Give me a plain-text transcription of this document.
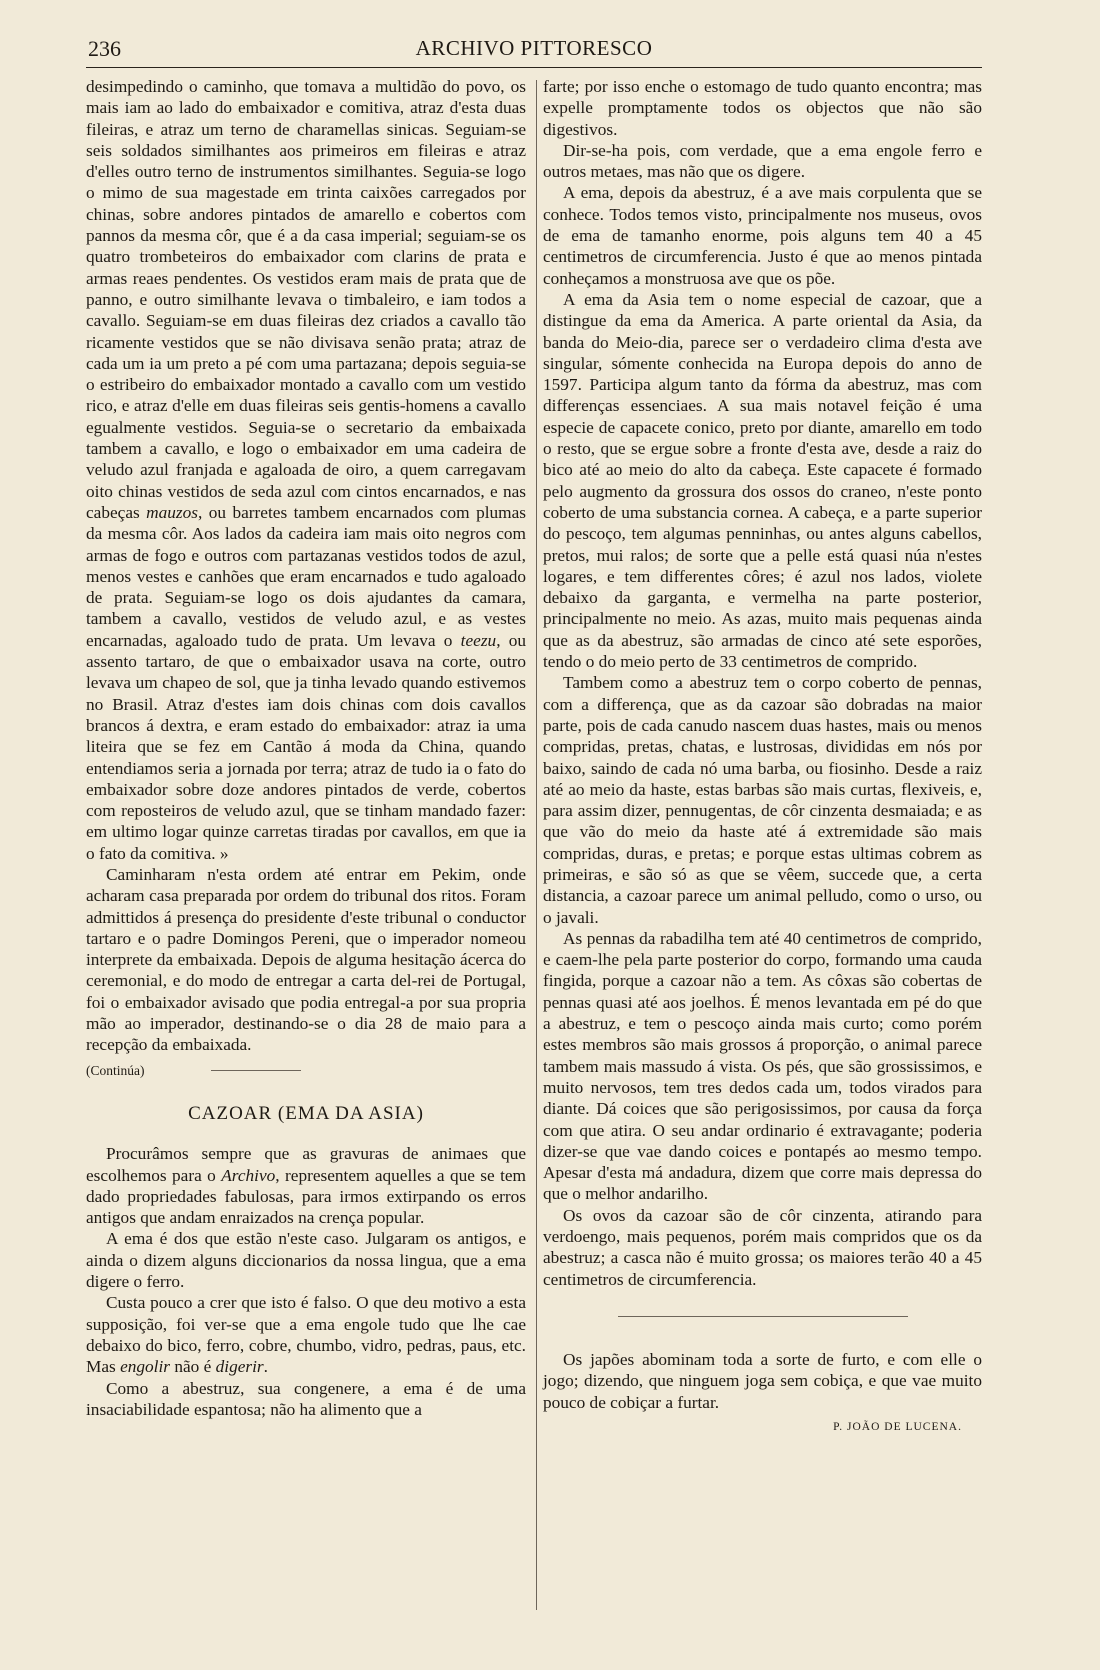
236	ARCHIVO PITTORESCO

desimpedindo o caminho, que tomava a multidão do povo, os mais iam ao lado do embaixador e comitiva, atraz d'esta duas fileiras, e atraz um terno de charamellas sinicas. Seguiam-se seis soldados similhantes aos primeiros em fileiras e atraz d'elles outro terno de instrumentos similhantes. Seguia-se logo o mimo de sua magestade em trinta caixões carregados por chinas, sobre andores pintados de amarello e cobertos com pannos da mesma côr, que é a da casa imperial; seguiam-se os quatro trombeteiros do embaixador com clarins de prata e armas reaes pendentes. Os vestidos eram mais de prata que de panno, e outro similhante levava o timbaleiro, e iam todos a cavallo. Seguiam-se em duas fileiras dez criados a cavallo tão ricamente vestidos que se não divisava senão prata; atraz de cada um ia um preto a pé com uma partazana; depois seguia-se o estribeiro do embaixador montado a cavallo com um vestido rico, e atraz d'elle em duas fileiras seis gentis-homens a cavallo egualmente vestidos. Seguia-se o secretario da embaixada tambem a cavallo, e logo o embaixador em uma cadeira de veludo azul franjada e agaloada de oiro, a quem carregavam oito chinas vestidos de seda azul com cintos encarnados, e nas cabeças mauzos, ou barretes tambem encarnados com plumas da mesma côr. Aos lados da cadeira iam mais oito negros com armas de fogo e outros com partazanas vestidos todos de azul, menos vestes e canhões que eram encarnados e tudo agaloado de prata. Seguiam-se logo os dois ajudantes da camara, tambem a cavallo, vestidos de veludo azul, e as vestes encarnadas, agaloado tudo de prata. Um levava o teezu, ou assento tartaro, de que o embaixador usava na corte, outro levava um chapeo de sol, que ja tinha levado quando estivemos no Brasil. Atraz d'estes iam dois chinas com dois cavallos brancos á dextra, e eram estado do embaixador: atraz ia uma liteira que se fez em Cantão á moda da China, quando entendiamos seria a jornada por terra; atraz de tudo ia o fato do embaixador sobre doze andores pintados de verde, cobertos com reposteiros de veludo azul, que se tinham mandado fazer: em ultimo logar quinze carretas tiradas por cavallos, em que ia o fato da comitiva. »

Caminharam n'esta ordem até entrar em Pekim, onde acharam casa preparada por ordem do tribunal dos ritos. Foram admittidos á presença do presidente d'este tribunal o conductor tartaro e o padre Domingos Pereni, que o imperador nomeou interprete da embaixada. Depois de alguma hesitação ácerca do ceremonial, e do modo de entregar a carta del-rei de Portugal, foi o embaixador avisado que podia entregal-a por sua propria mão ao imperador, destinando-se o dia 28 de maio para a recepção da embaixada.

(Continúa)
CAZOAR (EMA DA ASIA)

Procurâmos sempre que as gravuras de animaes que escolhemos para o Archivo, representem aquelles a que se tem dado propriedades fabulosas, para irmos extirpando os erros antigos que andam enraizados na crença popular.

A ema é dos que estão n'este caso. Julgaram os antigos, e ainda o dizem alguns diccionarios da nossa lingua, que a ema digere o ferro.

Custa pouco a crer que isto é falso. O que deu motivo a esta supposição, foi ver-se que a ema engole tudo que lhe cae debaixo do bico, ferro, cobre, chumbo, vidro, pedras, paus, etc. Mas engolir não é digerir.

Como a abestruz, sua congenere, a ema é de uma insaciabilidade espantosa; não ha alimento que a

farte; por isso enche o estomago de tudo quanto encontra; mas expelle promptamente todos os objectos que não são digestivos.

Dir-se-ha pois, com verdade, que a ema engole ferro e outros metaes, mas não que os digere.

A ema, depois da abestruz, é a ave mais corpulenta que se conhece. Todos temos visto, principalmente nos museus, ovos de ema de tamanho enorme, pois alguns tem 40 a 45 centimetros de circumferencia. Justo é que ao menos pintada conheçamos a monstruosa ave que os põe.

A ema da Asia tem o nome especial de cazoar, que a distingue da ema da America. A parte oriental da Asia, da banda do Meio-dia, parece ser o verdadeiro clima d'esta ave singular, sómente conhecida na Europa depois do anno de 1597. Participa algum tanto da fórma da abestruz, mas com differenças essenciaes. A sua mais notavel feição é uma especie de capacete conico, preto por diante, amarello em todo o resto, que se ergue sobre a fronte d'esta ave, desde a raiz do bico até ao meio do alto da cabeça. Este capacete é formado pelo augmento da grossura dos ossos do craneo, n'este ponto coberto de uma substancia cornea. A cabeça, e a parte superior do pescoço, tem algumas penninhas, ou antes alguns cabellos, pretos, mui ralos; de sorte que a pelle está quasi núa n'estes logares, e tem differentes côres; é azul nos lados, violete debaixo da garganta, e vermelha na parte posterior, principalmente no meio. As azas, muito mais pequenas ainda que as da abestruz, são armadas de cinco até sete esporões, tendo o do meio perto de 33 centimetros de comprido.

Tambem como a abestruz tem o corpo coberto de pennas, com a differença, que as da cazoar são dobradas na maior parte, pois de cada canudo nascem duas hastes, mais ou menos compridas, pretas, chatas, e lustrosas, divididas em nós por baixo, saindo de cada nó uma barba, ou fiosinho. Desde a raiz até ao meio da haste, estas barbas são mais curtas, flexiveis, e, para assim dizer, pennugentas, de côr cinzenta desmaiada; e as que vão do meio da haste até á extremidade são mais compridas, duras, e pretas; e porque estas ultimas cobrem as primeiras, e são só as que se vêem, succede que, a certa distancia, a cazoar parece um animal pelludo, como o urso, ou o javali.

As pennas da rabadilha tem até 40 centimetros de comprido, e caem-lhe pela parte posterior do corpo, formando uma cauda fingida, porque a cazoar não a tem. As côxas são cobertas de pennas quasi até aos joelhos. É menos levantada em pé do que a abestruz, e tem o pescoço ainda mais curto; como porém estes membros são mais grossos á proporção, o animal parece tambem mais massudo á vista. Os pés, que são grossissimos, e muito nervosos, tem tres dedos cada um, todos virados para diante. Dá coices que são perigosissimos, por causa da força com que atira. O seu andar ordinario é extravagante; poderia dizer-se que vae dando coices e pontapés ao mesmo tempo. Apesar d'esta má andadura, dizem que corre mais depressa do que o melhor andarilho.

Os ovos da cazoar são de côr cinzenta, atirando para verdoengo, mais pequenos, porém mais compridos que os da abestruz; a casca não é muito grossa; os maiores terão 40 a 45 centimetros de circumferencia.

Os japões abominam toda a sorte de furto, e com elle o jogo; dizendo, que ninguem joga sem cobiça, e que vae muito pouco de cobiçar a furtar.

P. JOÃO DE LUCENA.
